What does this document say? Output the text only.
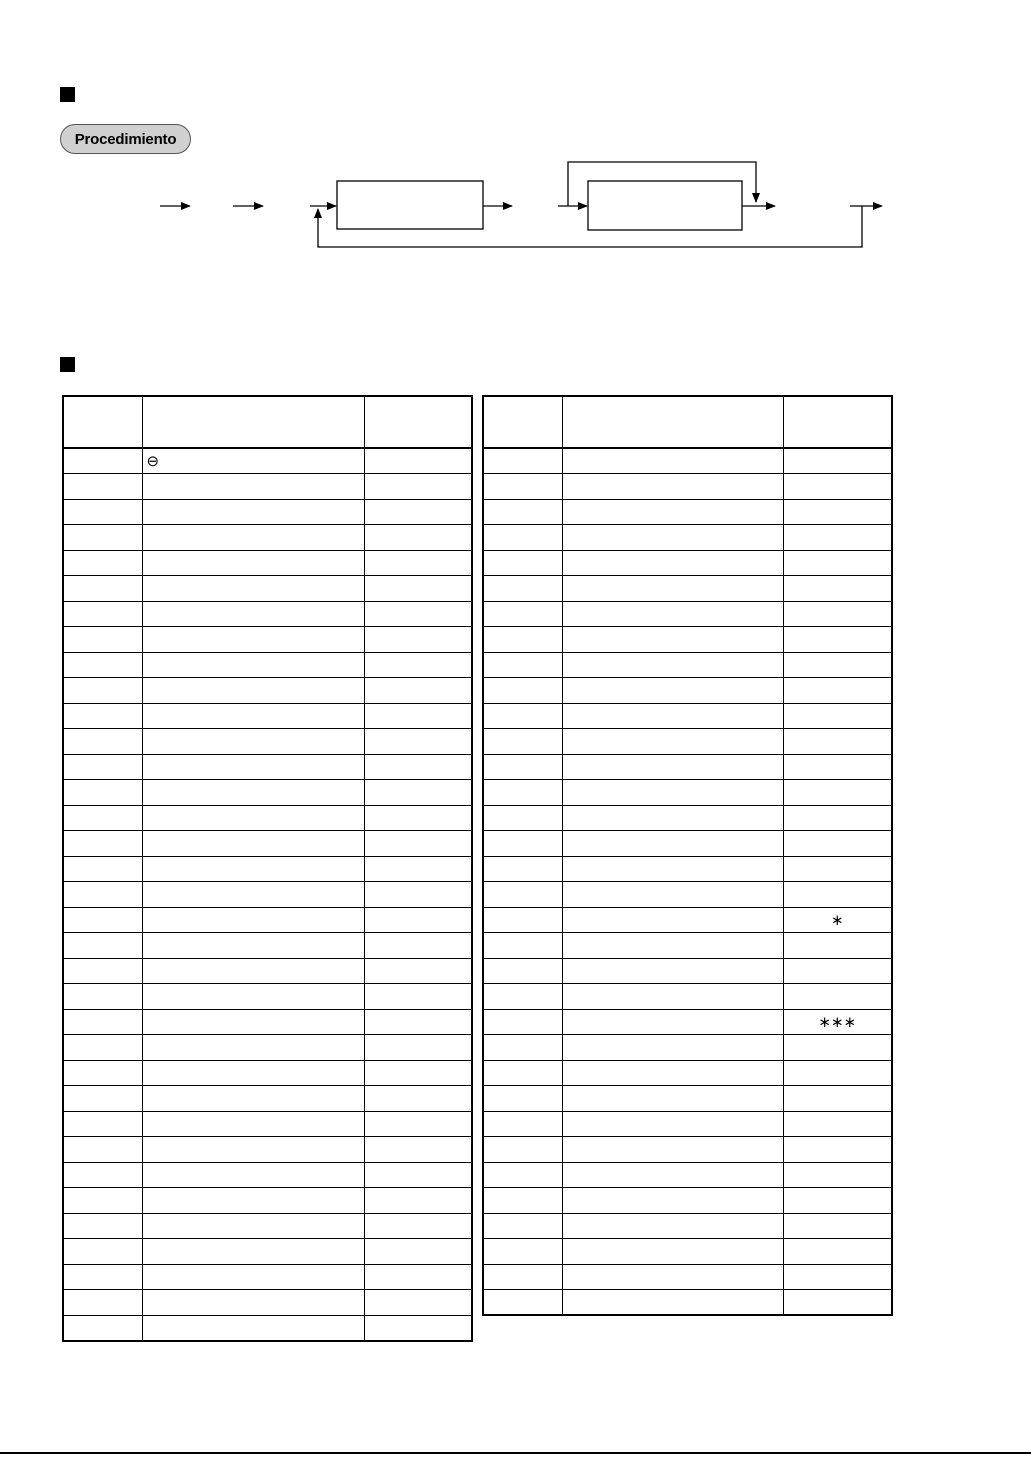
Procedimiento

	⊖	

		∗

		∗∗∗
